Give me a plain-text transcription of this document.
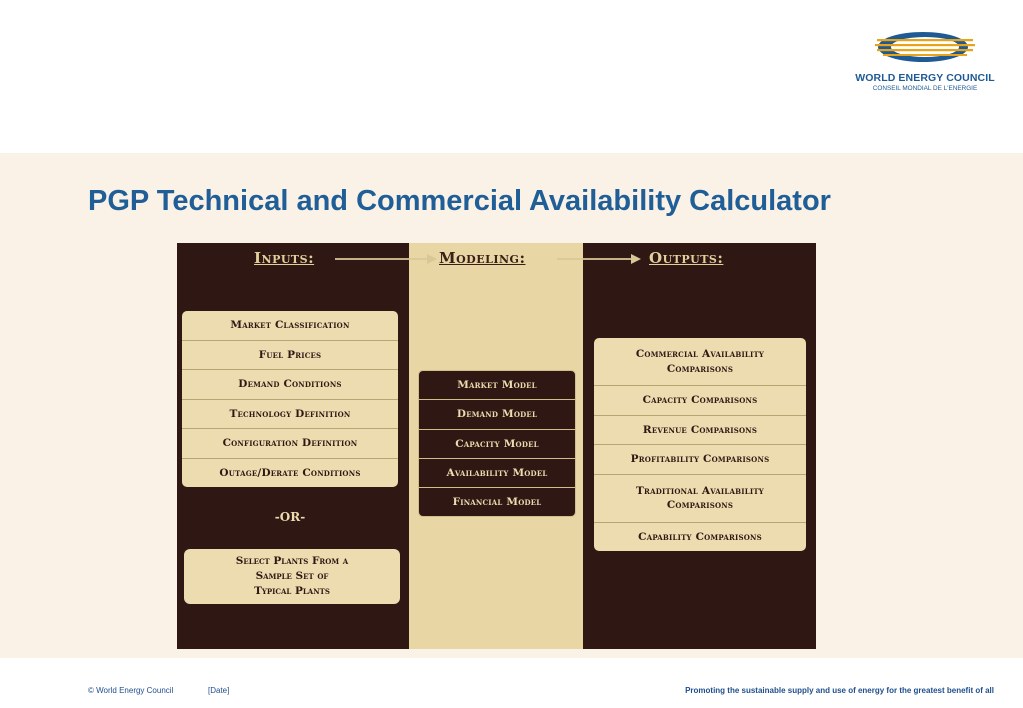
WORLD ENERGY COUNCIL
CONSEIL MONDIAL DE L'ENERGIE
PGP Technical and Commercial Availability Calculator
Inputs:	Modeling:	Outputs:
Market Classification
Fuel Prices
Demand Conditions
Technology Definition
Configuration Definition
Outage/Derate Conditions
-OR-
Select Plants From a
Sample Set of
Typical Plants
Market Model
Demand Model
Capacity Model
Availability Model
Financial Model
Commercial Availability
Comparisons
Capacity Comparisons
Revenue Comparisons
Profitability Comparisons
Traditional Availability
Comparisons
Capability Comparisons
© World Energy Council	[Date]	Promoting the sustainable supply and use of energy for the greatest benefit of all
